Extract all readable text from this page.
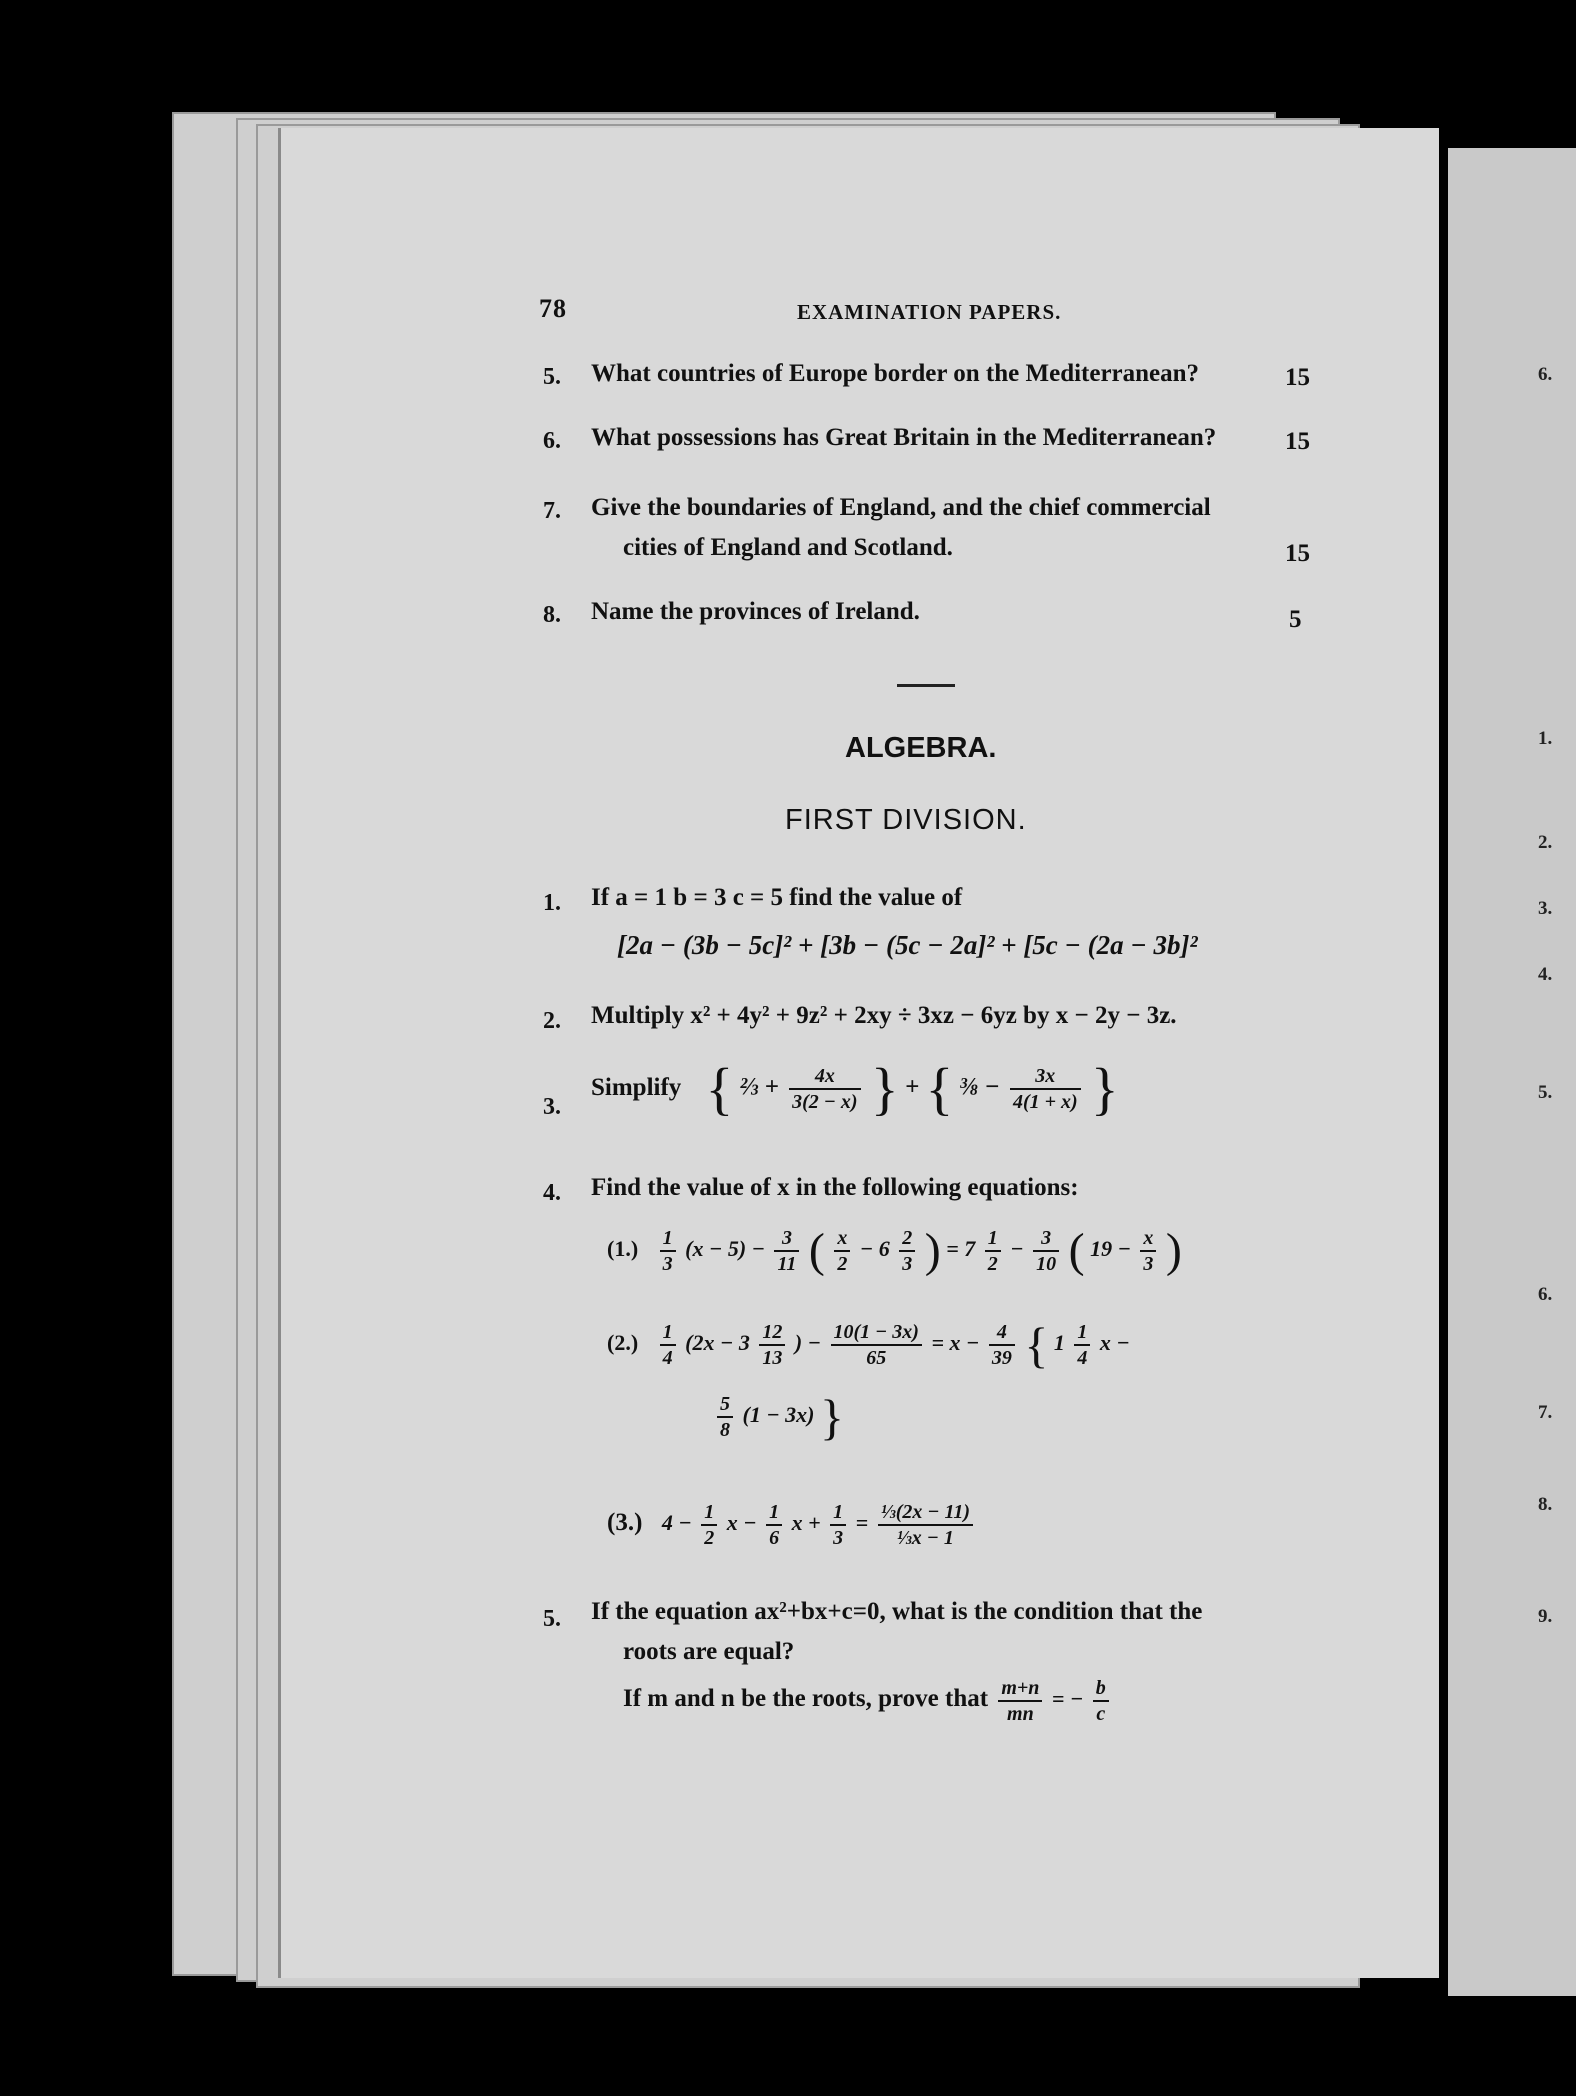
6.
1.
2.
3.
4.
5.
6.
7.
8.
9.
78	EXAMINATION PAPERS.
5. What countries of Europe border on the Mediterranean?	15
6. What possessions has Great Britain in the Mediterranean?	15
7. Give the boundaries of England, and the chief commercial
cities of England and Scotland.	15
8. Name the provinces of Ireland.	5
ALGEBRA.
FIRST DIVISION.
1. If a = 1 b = 3 c = 5 find the value of
[2a − (3b − 5c]² + [3b − (5c − 2a]² + [5c − (2a − 3b]²
2. Multiply x² + 4y² + 9z² + 2xy ÷ 3xz − 6yz by x − 2y − 3z.
3.
Simplify { ⅔ + $\frac{4x}{3(2 - x)}$ } + { ⅜ − $\frac{3x}{4(1 + x)}$ }
4. Find the value of x in the following equations:
$(1.) \frac{1}{3} (x - 5) - \frac{3}{11}$ ( $\frac{x}{2} - 6 \frac{2}{3}$ ) = $7 \frac{1}{2} - \frac{3}{10}$ ( $19 - \frac{x}{3}$ )
$(2.) \frac{1}{4} (2x - 3 \frac{12}{13}$ ) − $\frac{10(1 - 3x)}{65} = x - \frac{4}{39}$ { $1 \frac{1}{4}$ x −
$\frac{5}{8} (1 - 3x)$ }
(3.) $4 - \frac{1}{2}$ $x - \frac{1}{6}$ $x + \frac{1}{3} = \frac{\text{⅓(2x − 11)}}{\text{⅓x − 1}}$
5. If the equation ax²+bx+c=0, what is the condition that the
roots are equal?
If m and n be the roots, prove that $\frac{m+n}{mn}$ = − $\frac{b}{c}$
